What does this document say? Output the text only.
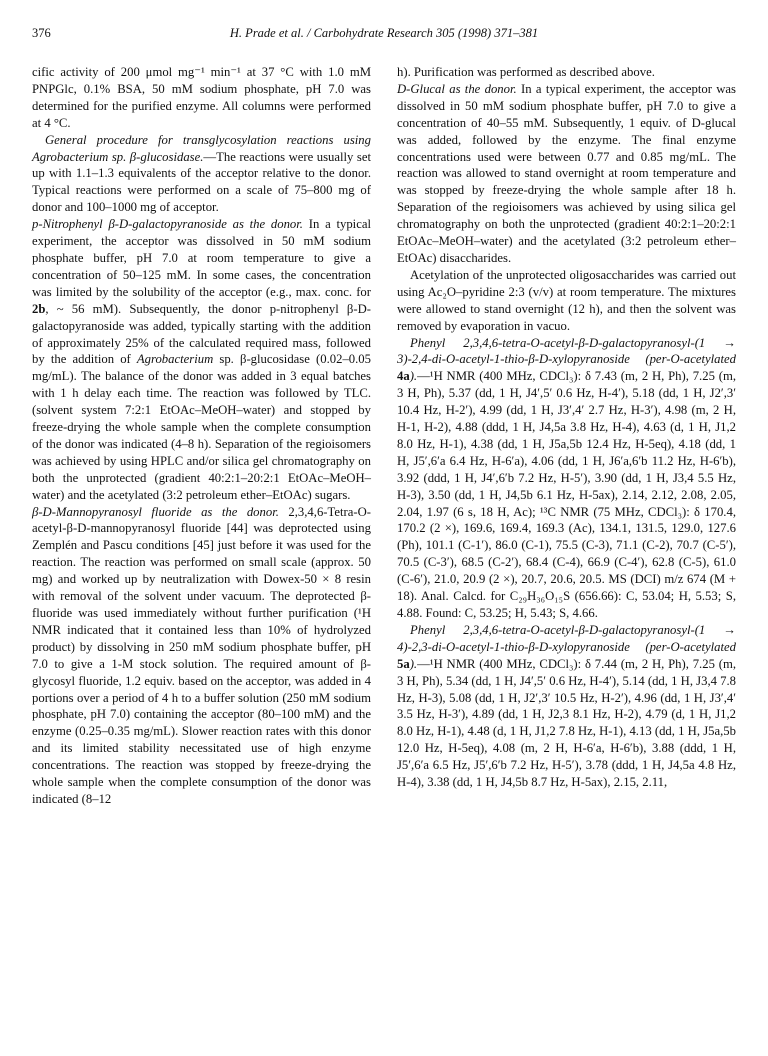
376	H. Prade et al. / Carbohydrate Research 305 (1998) 371–381

cific activity of 200 μmol mg⁻¹ min⁻¹ at 37 °C with 1.0 mM PNPGlc, 0.1% BSA, 50 mM sodium phosphate, pH 7.0 was determined for the purified enzyme. All columns were performed at 4 °C.

General procedure for transglycosylation reactions using Agrobacterium sp. β-glucosidase.—The reactions were usually set up with 1.1–1.3 equivalents of the acceptor relative to the donor. Typical reactions were performed on a scale of 75–800 mg of donor and 100–1000 mg of acceptor.

p-Nitrophenyl β-D-galactopyranoside as the donor. In a typical experiment, the acceptor was dissolved in 50 mM sodium phosphate buffer, pH 7.0 at room temperature to give a concentration of 50–125 mM. In some cases, the concentration was limited by the solubility of the acceptor (e.g., max. conc. for 2b, ~ 56 mM). Subsequently, the donor p-nitrophenyl β-D-galactopyranoside was added, typically starting with the addition of approximately 25% of the calculated required mass, followed by the addition of Agrobacterium sp. β-glucosidase (0.02–0.05 mg/mL). The balance of the donor was added in 3 equal batches with 1 h delay each time. The reaction was followed by TLC. (solvent system 7:2:1 EtOAc–MeOH–water) and stopped by freeze-drying the whole sample when the complete consumption of the donor was indicated (4–8 h). Separation of the regioisomers was achieved by using HPLC and/or silica gel chromatography on both the unprotected (gradient 40:2:1–20:2:1 EtOAc–MeOH–water) and the acetylated (3:2 petroleum ether–EtOAc) sugars.

β-D-Mannopyranosyl fluoride as the donor. 2,3,4,6-Tetra-O-acetyl-β-D-mannopyranosyl fluoride [44] was deprotected using Zemplén and Pascu conditions [45] just before it was used for the reaction. The reaction was performed on small scale (approx. 50 mg) and worked up by neutralization with Dowex-50 × 8 resin with removal of the solvent under vacuum. The deprotected β-fluoride was used immediately without further purification (¹H NMR indicated that it contained less than 10% of hydrolyzed product) by dissolving in 250 mM sodium phosphate buffer, pH 7.0 to give a 1-M stock solution. The required amount of β-glycosyl fluoride, 1.2 equiv. based on the acceptor, was added in 4 portions over a period of 4 h to a buffer solution (250 mM sodium phosphate, pH 7.0) containing the acceptor (80–100 mM) and the enzyme (0.25–0.35 mg/mL). Slower reaction rates with this donor and its limited stability necessitated use of high enzyme concentrations. The reaction was stopped by freeze-drying the whole sample when the complete consumption of the donor was indicated (8–12

h). Purification was performed as described above.

D-Glucal as the donor. In a typical experiment, the acceptor was dissolved in 50 mM sodium phosphate buffer, pH 7.0 to give a concentration of 40–55 mM. Subsequently, 1 equiv. of D-glucal was added, followed by the enzyme. The final enzyme concentrations used were between 0.77 and 0.85 mg/mL. The reaction was allowed to stand overnight at room temperature and was stopped by freeze-drying the whole sample after 18 h. Separation of the regioisomers was achieved by using silica gel chromatography on both the unprotected (gradient 40:2:1–20:2:1 EtOAc–MeOH–water) and the acetylated (3:2 petroleum ether–EtOAc) disaccharides.

Acetylation of the unprotected oligosaccharides was carried out using Ac₂O–pyridine 2:3 (v/v) at room temperature. The mixtures were allowed to stand overnight (12 h), and then the solvent was removed by evaporation in vacuo.

Phenyl 2,3,4,6-tetra-O-acetyl-β-D-galactopyranosyl-(1 → 3)-2,4-di-O-acetyl-1-thio-β-D-xylopyranoside (per-O-acetylated 4a).—¹H NMR (400 MHz, CDCl₃): δ 7.43 (m, 2 H, Ph), 7.25 (m, 3 H, Ph), 5.37 (dd, 1 H, J4′,5′ 0.6 Hz, H-4′), 5.18 (dd, 1 H, J2′,3′ 10.4 Hz, H-2′), 4.99 (dd, 1 H, J3′,4′ 2.7 Hz, H-3′), 4.98 (m, 2 H, H-1, H-2), 4.88 (ddd, 1 H, J4,5a 3.8 Hz, H-4), 4.63 (d, 1 H, J1,2 8.0 Hz, H-1), 4.38 (dd, 1 H, J5a,5b 12.4 Hz, H-5eq), 4.18 (dd, 1 H, J5′,6′a 6.4 Hz, H-6′a), 4.06 (dd, 1 H, J6′a,6′b 11.2 Hz, H-6′b), 3.92 (ddd, 1 H, J4′,6′b 7.2 Hz, H-5′), 3.90 (dd, 1 H, J3,4 5.5 Hz, H-3), 3.50 (dd, 1 H, J4,5b 6.1 Hz, H-5ax), 2.14, 2.12, 2.08, 2.05, 2.04, 1.97 (6 s, 18 H, Ac); ¹³C NMR (75 MHz, CDCl₃): δ 170.4, 170.2 (2 ×), 169.6, 169.4, 169.3 (Ac), 134.1, 131.5, 129.0, 127.6 (Ph), 101.1 (C-1′), 86.0 (C-1), 75.5 (C-3), 71.1 (C-2), 70.7 (C-5′), 70.5 (C-3′), 68.5 (C-2′), 68.4 (C-4), 66.9 (C-4′), 62.8 (C-5), 61.0 (C-6′), 21.0, 20.9 (2 ×), 20.7, 20.6, 20.5. MS (DCI) m/z 674 (M + 18). Anal. Calcd. for C₂₉H₃₆O₁₅S (656.66): C, 53.04; H, 5.53; S, 4.88. Found: C, 53.25; H, 5.43; S, 4.66.

Phenyl 2,3,4,6-tetra-O-acetyl-β-D-galactopyranosyl-(1 → 4)-2,3-di-O-acetyl-1-thio-β-D-xylopyranoside (per-O-acetylated 5a).—¹H NMR (400 MHz, CDCl₃): δ 7.44 (m, 2 H, Ph), 7.25 (m, 3 H, Ph), 5.34 (dd, 1 H, J4′,5′ 0.6 Hz, H-4′), 5.14 (dd, 1 H, J3,4 7.8 Hz, H-3), 5.08 (dd, 1 H, J2′,3′ 10.5 Hz, H-2′), 4.96 (dd, 1 H, J3′,4′ 3.5 Hz, H-3′), 4.89 (dd, 1 H, J2,3 8.1 Hz, H-2), 4.79 (d, 1 H, J1,2 8.0 Hz, H-1), 4.48 (d, 1 H, J1,2 7.8 Hz, H-1), 4.13 (dd, 1 H, J5a,5b 12.0 Hz, H-5eq), 4.08 (m, 2 H, H-6′a, H-6′b), 3.88 (ddd, 1 H, J5′,6′a 6.5 Hz, J5′,6′b 7.2 Hz, H-5′), 3.78 (ddd, 1 H, J4,5a 4.8 Hz, H-4), 3.38 (dd, 1 H, J4,5b 8.7 Hz, H-5ax), 2.15, 2.11,
